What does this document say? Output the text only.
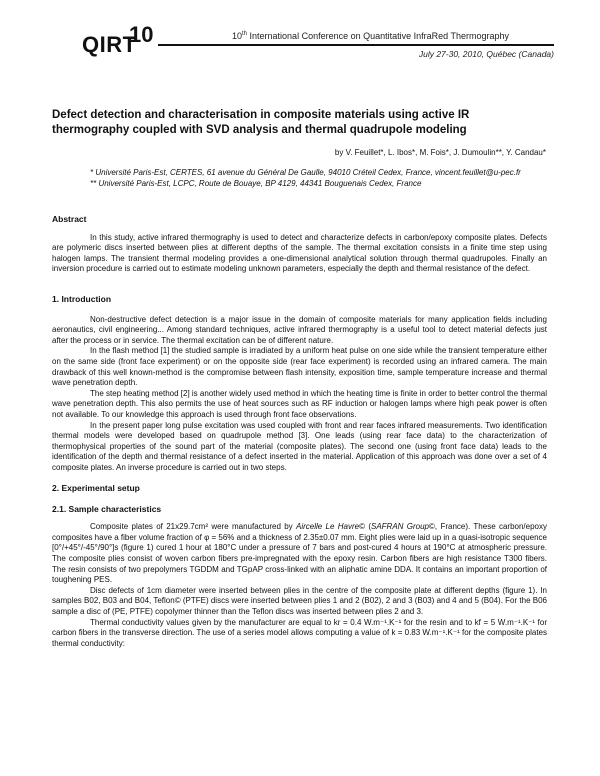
QIRT
10	10th International Conference on Quantitative InfraRed Thermography
July 27-30, 2010, Québec (Canada)
Defect detection and characterisation in composite materials using active IR thermography coupled with SVD analysis and thermal quadrupole modeling
by V. Feuillet*, L. Ibos*, M. Fois*, J. Dumoulin**, Y. Candau*

* Université Paris-Est, CERTES, 61 avenue du Général De Gaulle, 94010 Créteil Cedex, France, vincent.feuillet@u-pec.fr

** Université Paris-Est, LCPC, Route de Bouaye, BP 4129, 44341 Bouguenais Cedex, France

Abstract

In this study, active infrared thermography is used to detect and characterize defects in carbon/epoxy composite plates. Defects are polymeric discs inserted between plies at different depths of the sample. The thermal excitation consists in a finite time step using halogen lamps. The transient thermal modeling provides a one-dimensional analytical solution through thermal quadrupoles. Finally an inversion procedure is carried out to estimate modeling unknown parameters, especially the depth and thermal resistance of the defect.

1. Introduction

Non-destructive defect detection is a major issue in the domain of composite materials for many application fields including aeronautics, civil engineering... Among standard techniques, active infrared thermography is a useful tool to detect material defects just after the process or in service. The thermal excitation can be of different nature.

In the flash method [1] the studied sample is irradiated by a uniform heat pulse on one side while the transient temperature either on the same side (front face experiment) or on the opposite side (rear face experiment) is recorded using an infrared camera. The main drawback of this well known-method is the compromise between flash intensity, exposition time, sample temperature increase and thermal wave penetration depth.

The step heating method [2] is another widely used method in which the heating time is finite in order to better control the thermal wave penetration depth. This also permits the use of heat sources such as RF induction or halogen lamps where high peak power is often not available. To our knowledge this approach is used through front face observations.

In the present paper long pulse excitation was used coupled with front and rear faces infrared measurements. Two identification thermal models were developed based on quadrupole method [3]. One leads (using rear face data) to the characterization of thermophysical properties of the sound part of the material (composite plates). The second one (using front face data) leads to the identification of the depth and thermal resistance of a defect inserted in the material. Application of this approach was done over a set of 4 composite plates. An inverse procedure is carried out in two steps.

2. Experimental setup

2.1. Sample characteristics

Composite plates of 21x29.7cm² were manufactured by Aircelle Le Havre© (SAFRAN Group©, France). These carbon/epoxy composites have a fiber volume fraction of φ = 56% and a thickness of 2.35±0.07 mm. Eight plies were laid up in a quasi-isotropic sequence [0°/+45°/-45°/90°]s (figure 1) cured 1 hour at 180°C under a pressure of 7 bars and post-cured 4 hours at 190°C at atmospheric pressure. The composite plies consist of woven carbon fibers pre-impregnated with the epoxy resin. Carbon fibers are high resistance T300 fibers. The resin consists of two prepolymers TGDDM and TGpAP cross-linked with an aliphatic amine DDA. It contains an important proportion of toughening PES.

Disc defects of 1cm diameter were inserted between plies in the centre of the composite plate at different depths (figure 1). In samples B02, B03 and B04, Teflon© (PTFE) discs were inserted between plies 1 and 2 (B02), 2 and 3 (B03) and 4 and 5 (B04). For the B06 sample a disc of (PE, PTFE) copolymer thinner than the Teflon discs was inserted between plies 2 and 3.

Thermal conductivity values given by the manufacturer are equal to kr = 0.4 W.m⁻¹.K⁻¹ for the resin and to kf = 5 W.m⁻¹.K⁻¹ for carbon fibers in the transverse direction. The use of a series model allows computing a value of k = 0.83 W.m⁻¹.K⁻¹ for the composite plates thermal conductivity:
